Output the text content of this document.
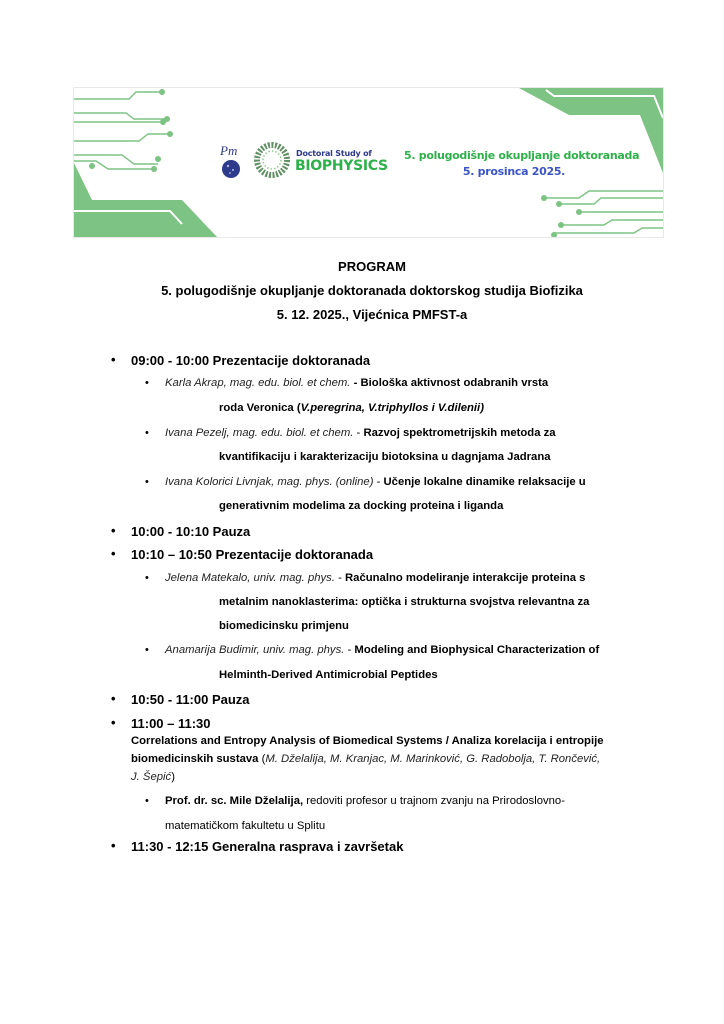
Pm	Doctoral Study of
BIOPHYSICS
5. polugodišnje okupljanje doktoranada
5. prosinca 2025.
PROGRAM
5. polugodišnje okupljanje doktoranada doktorskog studija Biofizika
5. 12. 2025., Vijećnica PMFST-a
• 09:00 - 10:00 Prezentacije doktoranada
• Karla Akrap, mag. edu. biol. et chem. - Biološka aktivnost odabranih vrsta
roda Veronica (V.peregrina, V.triphyllos i V.dilenii)
• Ivana Pezelj, mag. edu. biol. et chem. - Razvoj spektrometrijskih metoda za
kvantifikaciju i karakterizaciju biotoksina u dagnjama Jadrana
• Ivana Kolorici Livnjak, mag. phys. (online) - Učenje lokalne dinamike relaksacije u
generativnim modelima za docking proteina i liganda
• 10:00 - 10:10 Pauza
• 10:10 – 10:50 Prezentacije doktoranada
• Jelena Matekalo, univ. mag. phys. - Računalno modeliranje interakcije proteina s
metalnim nanoklasterima: optička i strukturna svojstva relevantna za
biomedicinsku primjenu
• Anamarija Budimir, univ. mag. phys. - Modeling and Biophysical Characterization of
Helminth-Derived Antimicrobial Peptides
• 10:50 - 11:00 Pauza
• 11:00 – 11:30
Correlations and Entropy Analysis of Biomedical Systems / Analiza korelacija i entropije
biomedicinskih sustava (M. Dželalija, M. Kranjac, M. Marinković, G. Radobolja, T. Rončević,
J. Šepić)
• Prof. dr. sc. Mile Dželalija, redoviti profesor u trajnom zvanju na Prirodoslovno-
matematičkom fakultetu u Splitu
• 11:30 - 12:15 Generalna rasprava i završetak
